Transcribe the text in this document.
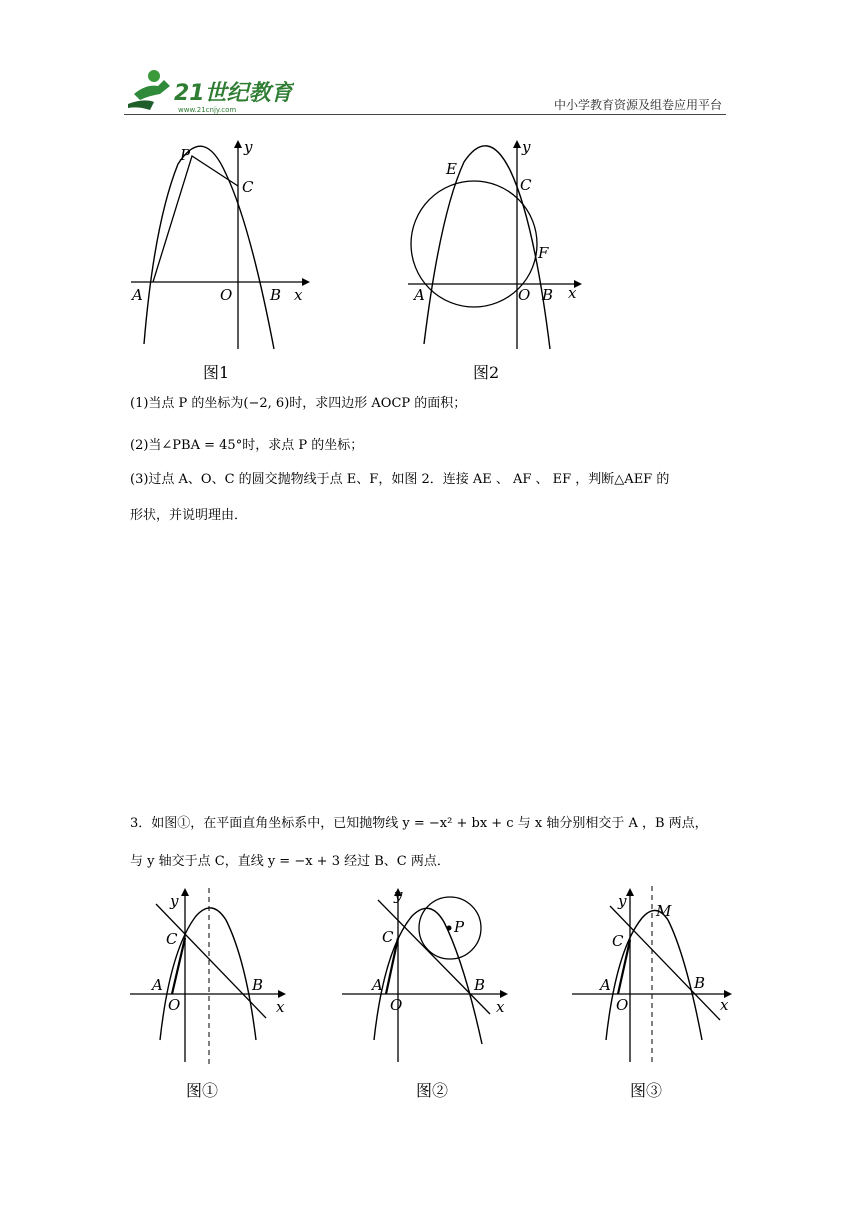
21世纪教育
www.21cnjy.com	中小学教育资源及组卷应用平台
P
C
y
A	O	B x
图1
E
C
y
F
A	O B x
图2
(1)当点 P 的坐标为(−2, 6)时，求四边形 AOCP 的面积；
(2)当∠PBA = 45°时，求点 P 的坐标；
(3)过点 A、O、C 的圆交抛物线于点 E、F，如图 2．连接 AE 、 AF 、 EF ，判断△AEF 的
形状，并说明理由．
3．如图①，在平面直角坐标系中，已知抛物线 y = −x² + bx + c 与 x 轴分别相交于 A ，B 两点，
与 y 轴交于点 C，直线 y = −x + 3 经过 B、C 两点．
y
C
A
O
B
x
图①
y
C
P
A
O
B
x
图②
y
M
C
A
O
B
x
图③
